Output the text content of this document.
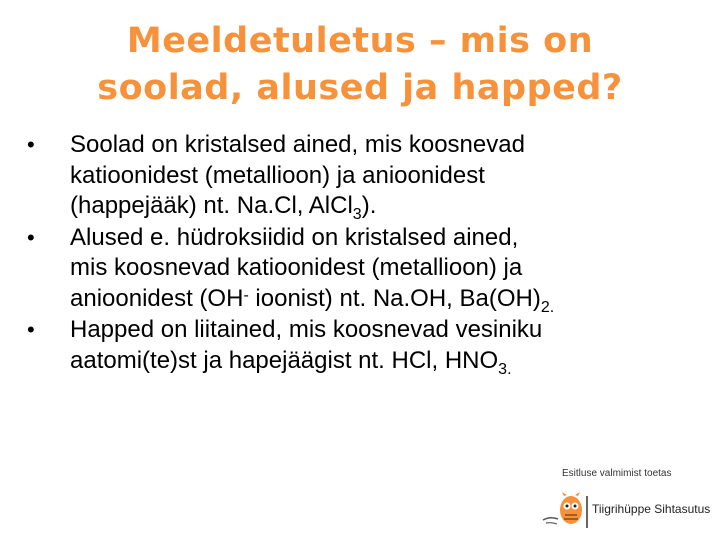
Meeldetuletus – mis on
soolad, alused ja happed?
• Soolad on kristalsed ained, mis koosnevad
katioonidest (metallioon) ja anioonidest
(happejääk) nt. Na.Cl, AlCl$_3$).
• Alused e. hüdroksiidid on kristalsed ained,
mis koosnevad katioonidest (metallioon) ja
anioonidest (OH- ioonist) nt. Na.OH, $Ba(OH)_{2.}$
• Happed on liitained, mis koosnevad vesiniku
aatomi(te)st ja hapejäägist nt. HCl, $HNO_{3.}$
Esitluse valmimist toetas
Tiigrihüppe Sihtasutus
